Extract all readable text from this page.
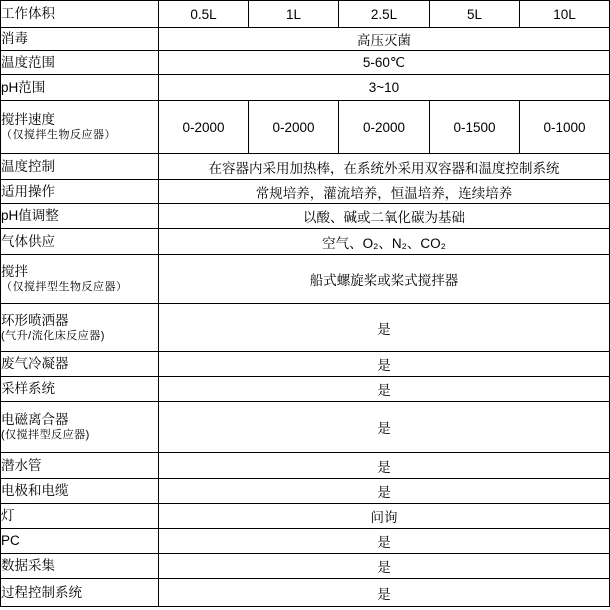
工作体积	0.5L	1L	2.5L	5L	10L
消毒	高压灭菌				
温度范围	5-60℃				
pH范围	3~10				

搅拌速度
（仅搅拌生物反应器）	0-2000	0-2000	0-2000	0-1500	0-1000
温度控制	在容器内采用加热棒，在系统外采用双容器和温度控制系统				
适用操作	常规培养，灌流培养，恒温培养，连续培养				
pH值调整	以酸、碱或二氧化碳为基础				
气体供应	空气、O₂、N₂、CO₂				

搅拌
（仅搅拌型生物反应器）	船式螺旋桨或桨式搅拌器				

环形喷洒器
(气升/流化床反应器)	是				
废气冷凝器	是				
采样系统	是				

电磁离合器
(仅搅拌型反应器)	是				
潜水管	是				
电极和电缆	是				
灯	问询				
PC	是				
数据采集	是				
过程控制系统	是				
